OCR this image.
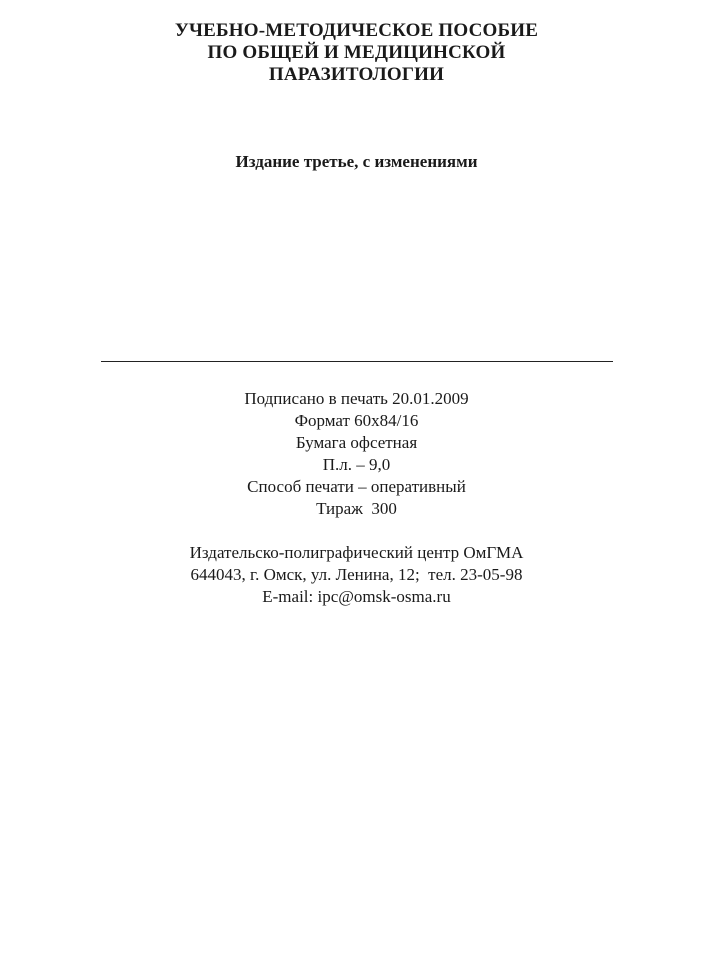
УЧЕБНО-МЕТОДИЧЕСКОЕ ПОСОБИЕ
ПО ОБЩЕЙ И МЕДИЦИНСКОЙ
ПАРАЗИТОЛОГИИ
Издание третье, с изменениями
Подписано в печать 20.01.2009
Формат 60х84/16
Бумага офсетная
П.л. – 9,0
Способ печати – оперативный
Тираж  300
Издательско-полиграфический центр ОмГМА
644043, г. Омск, ул. Ленина, 12;  тел. 23-05-98
E-mail: ipc@omsk-osma.ru
